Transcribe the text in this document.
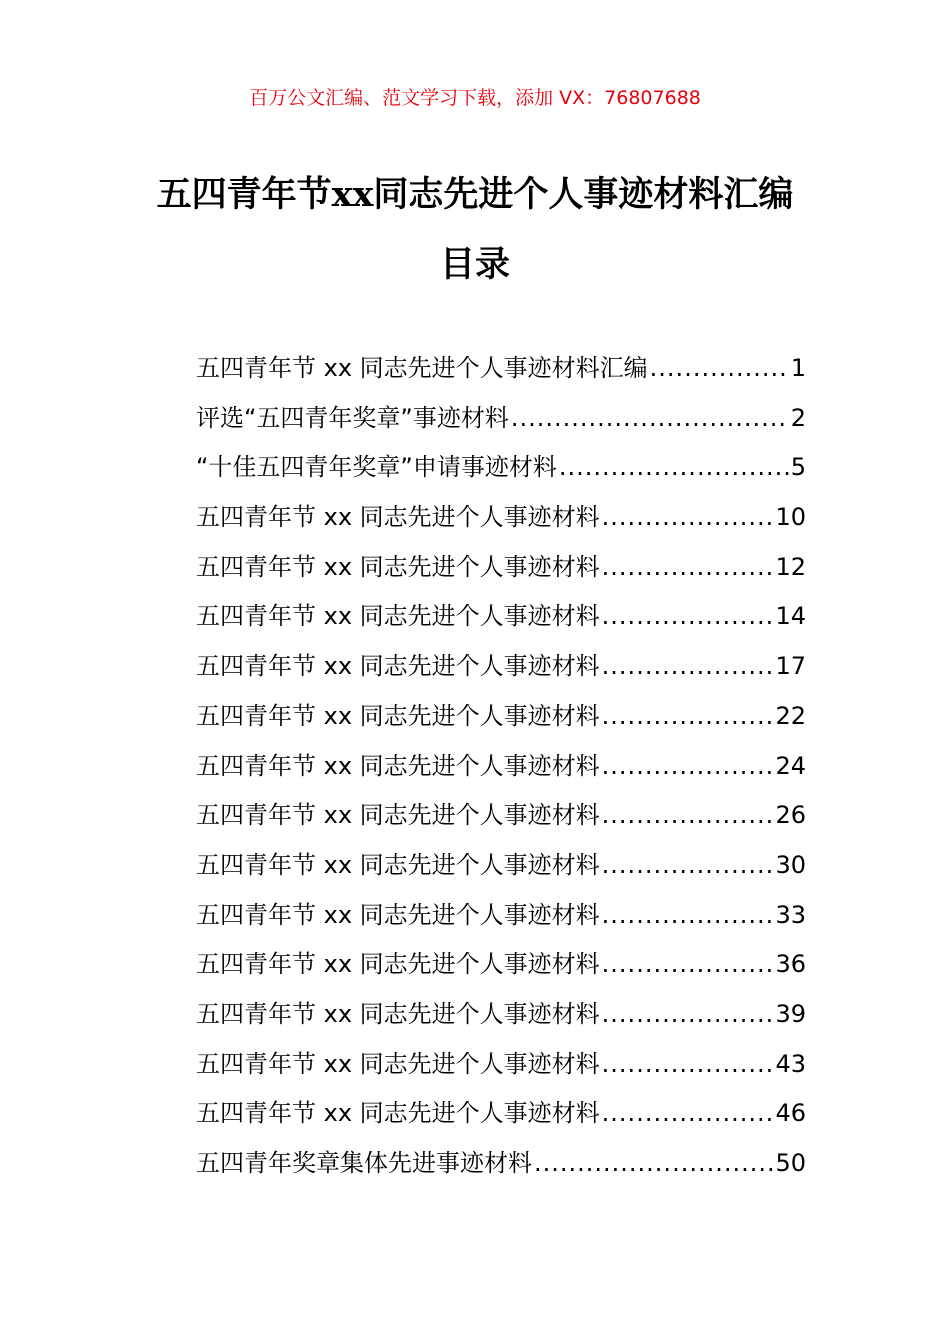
百万公文汇编、范文学习下载，添加 VX：76807688
五四青年节xx同志先进个人事迹材料汇编
目录
五四青年节 xx 同志先进个人事迹材料汇编 .....	1
评选“五四青年奖章”事迹材料 .....	2
“十佳五四青年奖章”申请事迹材料 .....	5
五四青年节 xx 同志先进个人事迹材料 .....	10
五四青年节 xx 同志先进个人事迹材料 .....	12
五四青年节 xx 同志先进个人事迹材料 .....	14
五四青年节 xx 同志先进个人事迹材料 .....	17
五四青年节 xx 同志先进个人事迹材料 .....	22
五四青年节 xx 同志先进个人事迹材料 .....	24
五四青年节 xx 同志先进个人事迹材料 .....	26
五四青年节 xx 同志先进个人事迹材料 .....	30
五四青年节 xx 同志先进个人事迹材料 .....	33
五四青年节 xx 同志先进个人事迹材料 .....	36
五四青年节 xx 同志先进个人事迹材料 .....	39
五四青年节 xx 同志先进个人事迹材料 .....	43
五四青年节 xx 同志先进个人事迹材料 .....	46
五四青年奖章集体先进事迹材料 .....	50
